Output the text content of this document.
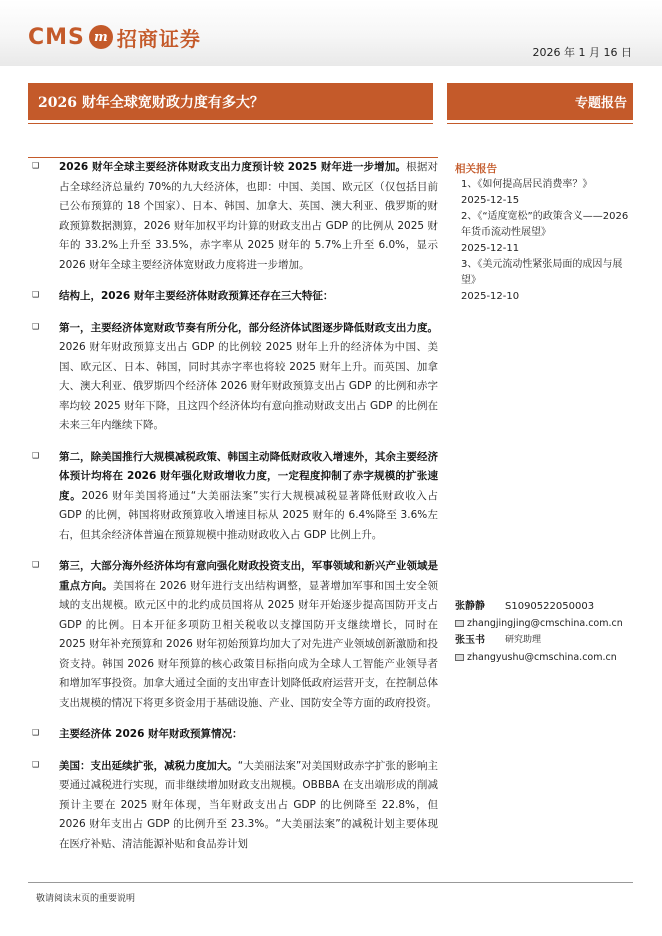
CMS m 招商证券
2026 年 1 月 16 日
2026 财年全球宽财政力度有多大？	专题报告
❑	2026 财年全球主要经济体财政支出力度预计较 2025 财年进一步增加。根据对占全球经济总量约 70%的九大经济体，也即：中国、美国、欧元区（仅包括目前已公布预算的 18 个国家）、日本、韩国、加拿大、英国、澳大利亚、俄罗斯的财政预算数据测算，2026 财年加权平均计算的财政支出占 GDP 的比例从 2025 财年的 33.2%上升至 33.5%，赤字率从 2025 财年的 5.7%上升至 6.0%，显示 2026 财年全球主要经济体宽财政力度将进一步增加。
❑	结构上，2026 财年主要经济体财政预算还存在三大特征：
❑	第一，主要经济体宽财政节奏有所分化，部分经济体试图逐步降低财政支出力度。2026 财年财政预算支出占 GDP 的比例较 2025 财年上升的经济体为中国、美国、欧元区、日本、韩国，同时其赤字率也将较 2025 财年上升。而英国、加拿大、澳大利亚、俄罗斯四个经济体 2026 财年财政预算支出占 GDP 的比例和赤字率均较 2025 财年下降，且这四个经济体均有意向推动财政支出占 GDP 的比例在未来三年内继续下降。
❑	第二，除美国推行大规模减税政策、韩国主动降低财政收入增速外，其余主要经济体预计均将在 2026 财年强化财政增收力度，一定程度抑制了赤字规模的扩张速度。2026 财年美国将通过“大美丽法案”实行大规模减税显著降低财政收入占 GDP 的比例，韩国将财政预算收入增速目标从 2025 财年的 6.4%降至 3.6%左右，但其余经济体普遍在预算规模中推动财政收入占 GDP 比例上升。
❑	第三，大部分海外经济体均有意向强化财政投资支出，军事领域和新兴产业领域是重点方向。美国将在 2026 财年进行支出结构调整，显著增加军事和国土安全领域的支出规模。欧元区中的北约成员国将从 2025 财年开始逐步提高国防开支占 GDP 的比例。日本开征多项防卫相关税收以支撑国防开支继续增长，同时在 2025 财年补充预算和 2026 财年初始预算均加大了对先进产业领域创新激励和投资支持。韩国 2026 财年预算的核心政策目标指向成为全球人工智能产业领导者和增加军事投资。加拿大通过全面的支出审查计划降低政府运营开支，在控制总体支出规模的情况下将更多资金用于基础设施、产业、国防安全等方面的政府投资。
❑	主要经济体 2026 财年财政预算情况：
❑	美国：支出延续扩张，减税力度加大。“大美丽法案”对美国财政赤字扩张的影响主要通过减税进行实现，而非继续增加财政支出规模。OBBBA 在支出端形成的削减预计主要在 2025 财年体现，当年财政支出占 GDP 的比例降至 22.8%，但 2026 财年支出占 GDP 的比例升至 23.3%。“大美丽法案”的减税计划主要体现在医疗补贴、清洁能源补贴和食品券计划
相关报告
1、《如何提高居民消费率？》
2025-12-15
2、《“适度宽松”的政策含义——2026 年货币流动性展望》
2025-12-11
3、《美元流动性紧张局面的成因与展望》
2025-12-10
张静静	S1090522050003
zhangjingjing@cmschina.com.cn
张玉书	研究助理
zhangyushu@cmschina.com.cn
敬请阅读末页的重要说明
